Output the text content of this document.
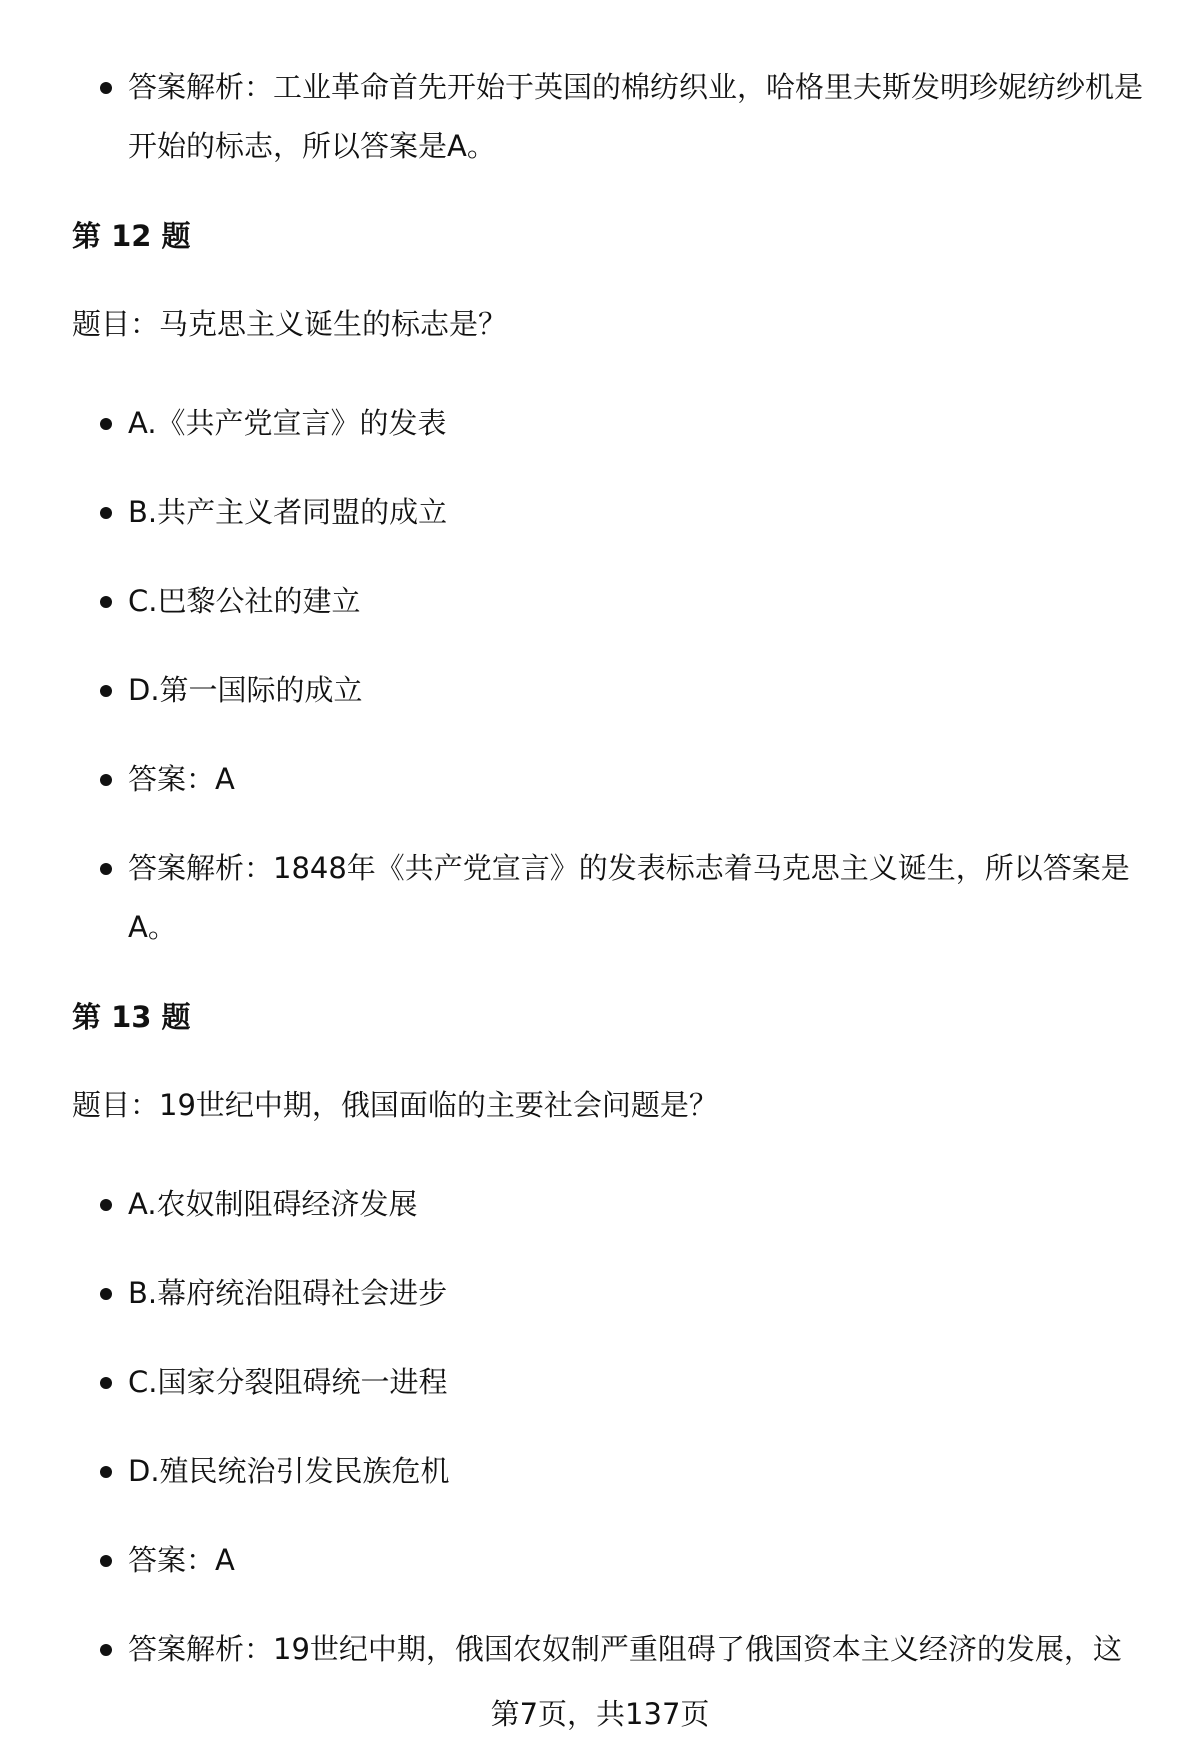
答案解析：工业革命首先开始于英国的棉纺织业，哈格里夫斯发明珍妮纺纱机是开始的标志，所以答案是A。
第 12 题
题目：马克思主义诞生的标志是？
A.《共产党宣言》的发表
B.共产主义者同盟的成立
C.巴黎公社的建立
D.第一国际的成立
答案：A
答案解析：1848年《共产党宣言》的发表标志着马克思主义诞生，所以答案是A。
第 13 题
题目：19世纪中期，俄国面临的主要社会问题是？
A.农奴制阻碍经济发展
B.幕府统治阻碍社会进步
C.国家分裂阻碍统一进程
D.殖民统治引发民族危机
答案：A
答案解析：19世纪中期，俄国农奴制严重阻碍了俄国资本主义经济的发展，这
第7页，共137页
